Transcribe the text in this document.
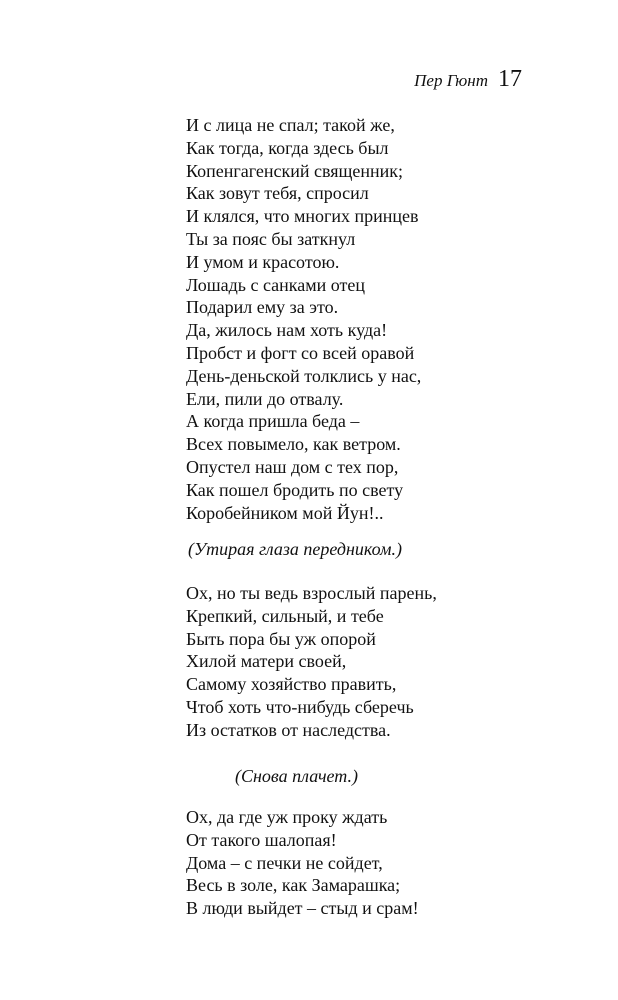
Пер Гюнт 17
И с лица не спал; такой же,
Как тогда, когда здесь был
Копенгагенский священник;
Как зовут тебя, спросил
И клялся, что многих принцев
Ты за пояс бы заткнул
И умом и красотою.
Лошадь с санками отец
Подарил ему за это.
Да, жилось нам хоть куда!
Пробст и фогт со всей оравой
День-деньской толклись у нас,
Ели, пили до отвалу.
А когда пришла беда –
Всех повымело, как ветром.
Опустел наш дом с тех пор,
Как пошел бродить по свету
Коробейником мой Йун!..
(Утирая глаза передником.)
Ох, но ты ведь взрослый парень,
Крепкий, сильный, и тебе
Быть пора бы уж опорой
Хилой матери своей,
Самому хозяйство править,
Чтоб хоть что-нибудь сберечь
Из остатков от наследства.
(Снова плачет.)
Ох, да где уж проку ждать
От такого шалопая!
Дома – с печки не сойдет,
Весь в золе, как Замарашка;
В люди выйдет – стыд и срам!
